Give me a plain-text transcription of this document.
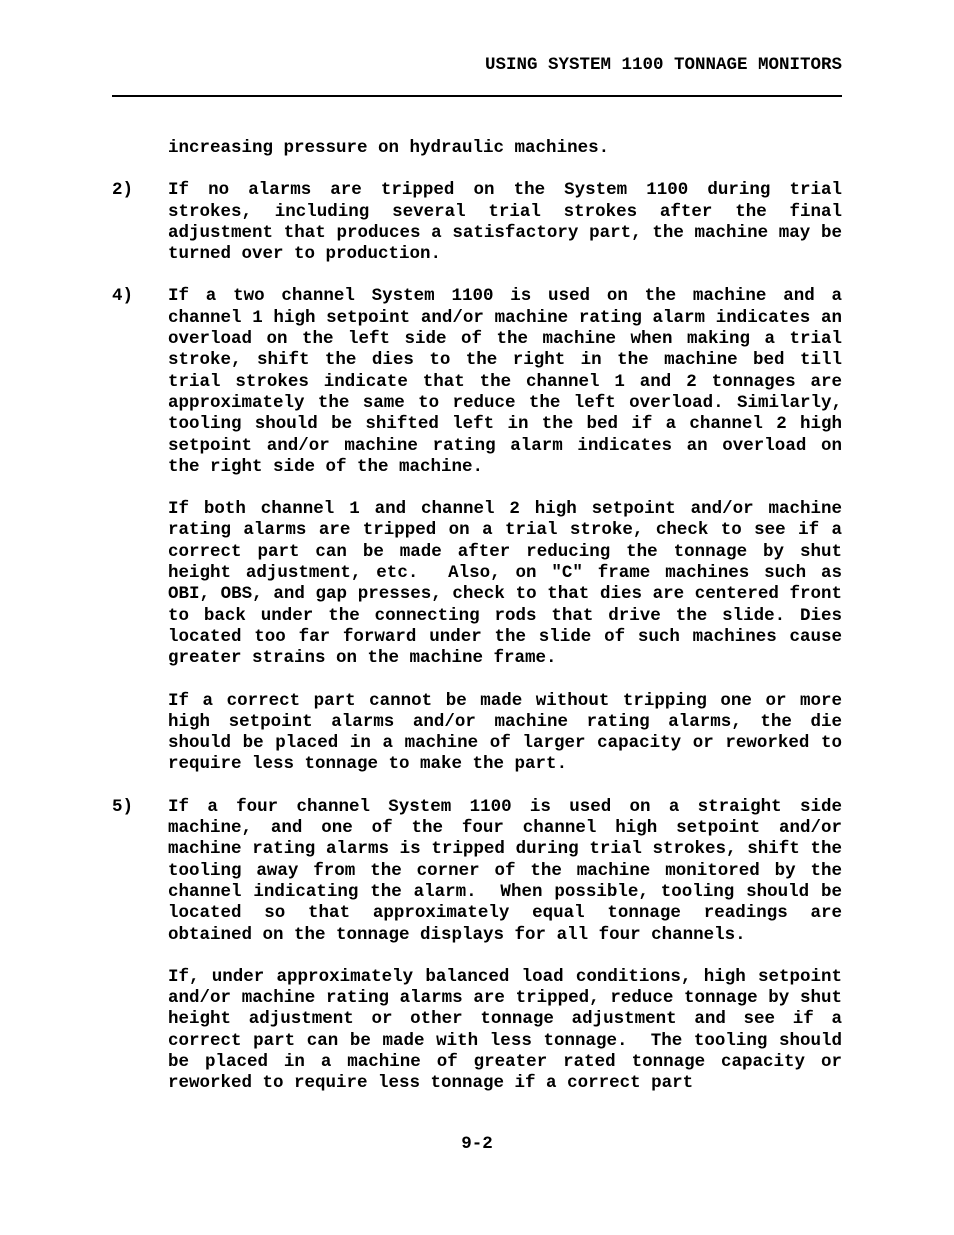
USING SYSTEM 1100 TONNAGE MONITORS

increasing pressure on hydraulic machines.

2)	If no alarms are tripped on the System 1100 during trial strokes, including several trial strokes after the final adjustment that produces a satisfactory part, the machine may be turned over to production.

4)	If a two channel System 1100 is used on the machine and a channel 1 high setpoint and/or machine rating alarm indicates an overload on the left side of the machine when making a trial stroke, shift the dies to the right in the machine bed till trial strokes indicate that the channel 1 and 2 tonnages are approximately the same to reduce the left overload. Similarly, tooling should be shifted left in the bed if a channel 2 high setpoint and/or machine rating alarm indicates an overload on the right side of the machine.

If both channel 1 and channel 2 high setpoint and/or machine rating alarms are tripped on a trial stroke, check to see if a correct part can be made after reducing the tonnage by shut height adjustment, etc.  Also, on "C" frame machines such as OBI, OBS, and gap presses, check to that dies are centered front to back under the connecting rods that drive the slide. Dies located too far forward under the slide of such machines cause greater strains on the machine frame.

If a correct part cannot be made without tripping one or more high setpoint alarms and/or machine rating alarms, the die should be placed in a machine of larger capacity or reworked to require less tonnage to make the part.

5)	If a four channel System 1100 is used on a straight side machine, and one of the four channel high setpoint and/or machine rating alarms is tripped during trial strokes, shift the tooling away from the corner of the machine monitored by the channel indicating the alarm.  When possible, tooling should be located so that approximately equal tonnage readings are obtained on the tonnage displays for all four channels.

If, under approximately balanced load conditions, high setpoint and/or machine rating alarms are tripped, reduce tonnage by shut height adjustment or other tonnage adjustment and see if a correct part can be made with less tonnage.  The tooling should be placed in a machine of greater rated tonnage capacity or reworked to require less tonnage if a correct part

9-2
